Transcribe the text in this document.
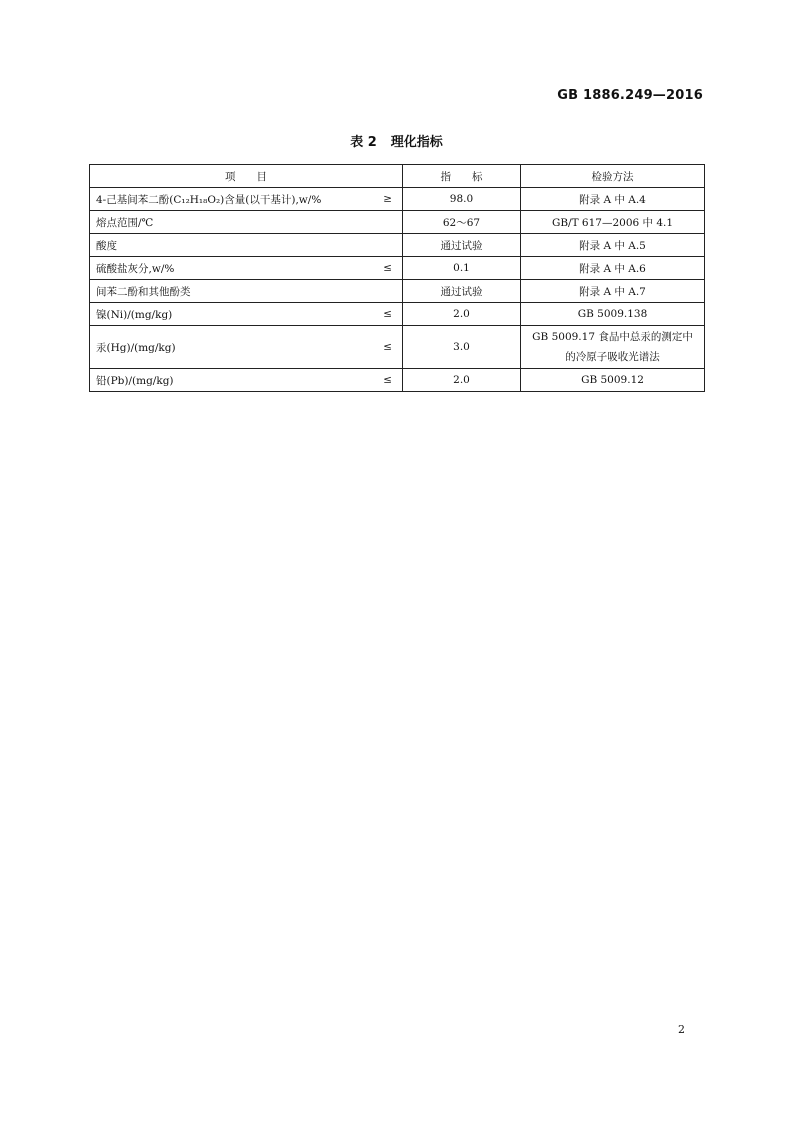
GB 1886.249—2016
表 2 理化指标
项　　目	指　　标	检验方法

4-己基间苯二酚(C₁₂H₁₈O₂)含量(以干基计),w/% ≥	98.0	附录 A 中 A.4

熔点范围/℃	62～67	GB/T 617—2006 中 4.1

酸度	通过试验	附录 A 中 A.5

硫酸盐灰分,w/% ≤	0.1	附录 A 中 A.6

间苯二酚和其他酚类	通过试验	附录 A 中 A.7

镍(Ni)/(mg/kg) ≤	2.0	GB 5009.138

汞(Hg)/(mg/kg) ≤	3.0	GB 5009.17 食品中总汞的测定中的冷原子吸收光谱法

铅(Pb)/(mg/kg) ≤	2.0	GB 5009.12
2
